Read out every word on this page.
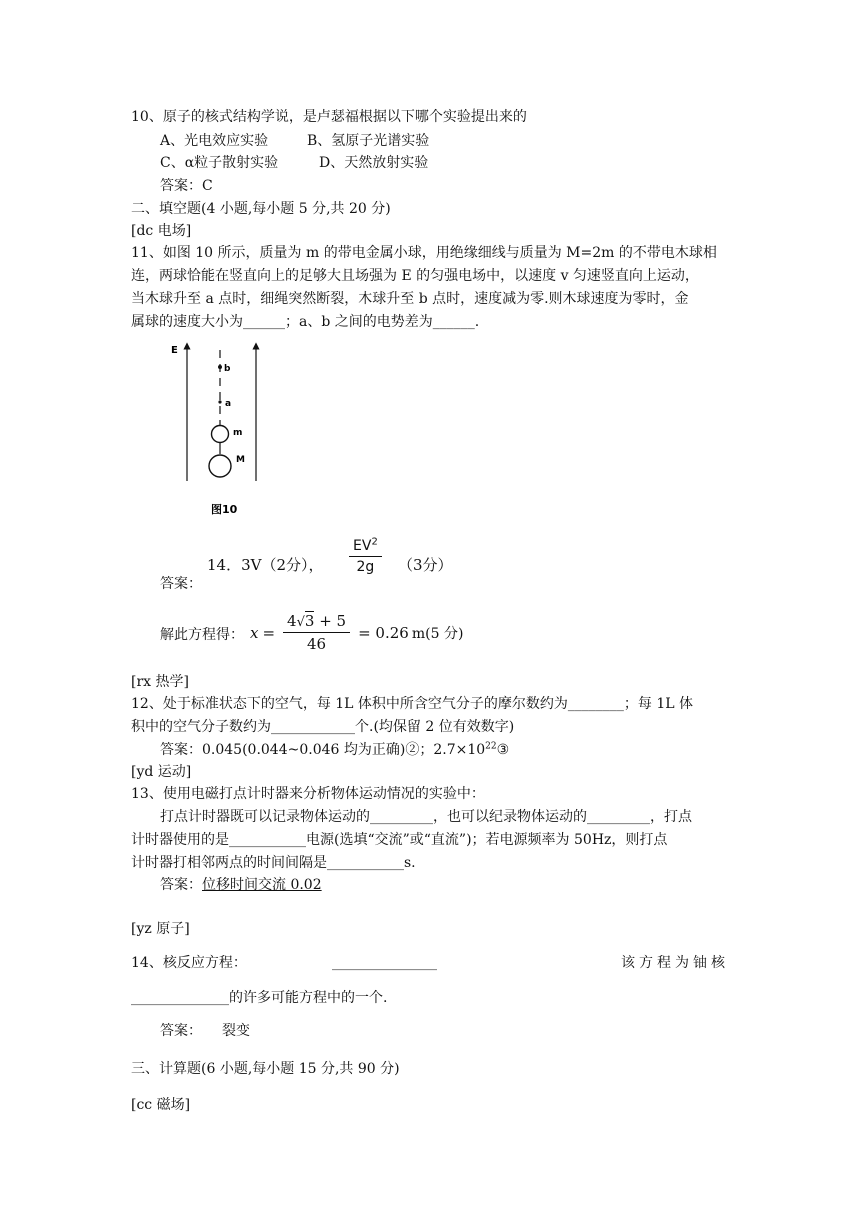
10、原子的核式结构学说，是卢瑟福根据以下哪个实验提出来的
A、光电效应实验	B、氢原子光谱实验
C、α粒子散射实验	D、天然放射实验
答案：C
二、填空题(4 小题,每小题 5 分,共 20 分)
[dc 电场]
11、如图 10 所示，质量为 m 的带电金属小球，用绝缘细线与质量为 M=2m 的不带电木球相
连，两球恰能在竖直向上的足够大且场强为 E 的匀强电场中，以速度 v 匀速竖直向上运动，
当木球升至 a 点时，细绳突然断裂，木球升至 b 点时，速度减为零.则木球速度为零时，金
属球的速度大小为______；a、b 之间的电势差为______.
E
b
a
m
M
图10
14．3V（2分）， $\frac{EV^2}{2g} (3$分）
答案：
解此方程得： $x = \frac{4√3 + 5}{46} = 0.26$ m(5 分)
[rx 热学]
12、处于标准状态下的空气，每 1L 体积中所含空气分子的摩尔数约为________；每 1L 体
积中的空气分子数约为____________个.(均保留 2 位有效数字)
答案：0.045(0.044~0.046 均为正确)②；$2.7\times 10^{22}③$
[yd 运动]
13、使用电磁打点计时器来分析物体运动情况的实验中：
打点计时器既可以记录物体运动的_________，也可以纪录物体运动的_________，打点
计时器使用的是___________电源(选填“交流”或“直流”)；若电源频率为 50Hz，则打点
计时器打相邻两点的时间间隔是___________s.
答案：位移时间交流 0.02
[yz 原子]
14、核反应方程：	_______________	该方程为铀核
______________的许多可能方程中的一个.
答案： 裂变
三、计算题(6 小题,每小题 15 分,共 90 分)
[cc 磁场]
